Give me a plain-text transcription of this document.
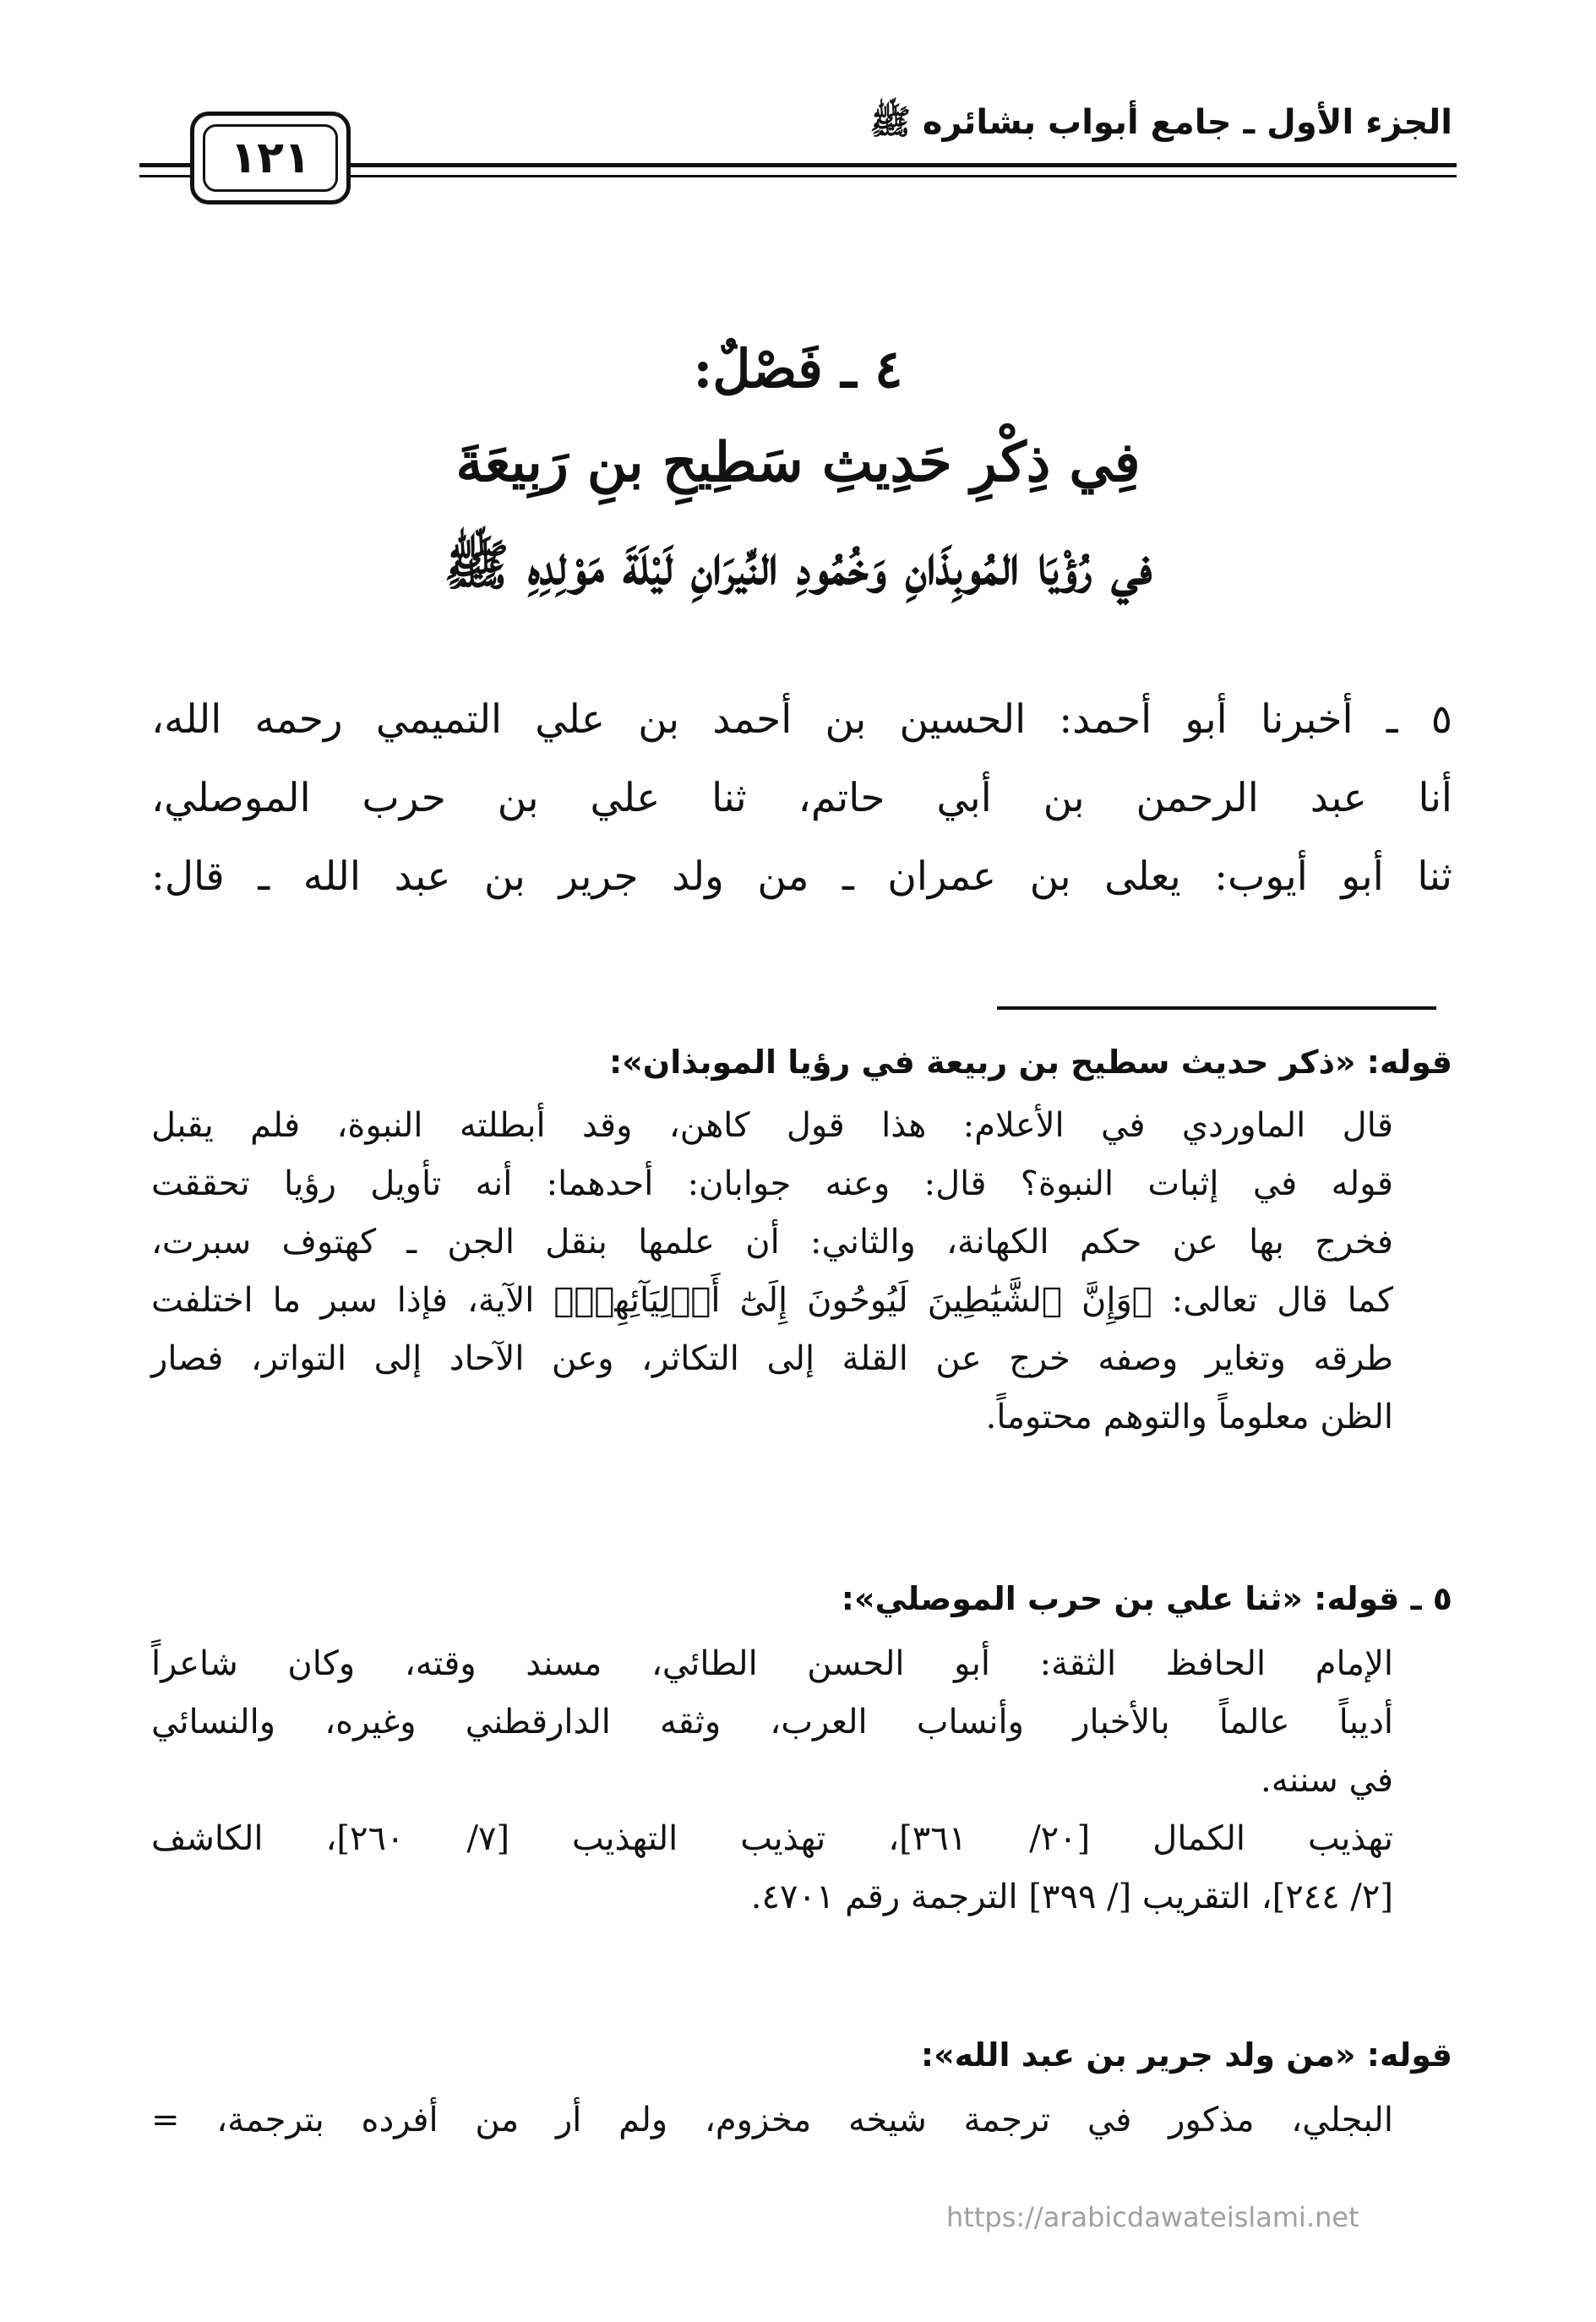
الجزء الأول ـ جامع أبواب بشائره ﷺ
١٢١
٤ ـ فَصْلٌ:
فِي ذِكْرِ حَدِيثِ سَطِيحِ بنِ رَبِيعَةَ
في رُؤْيَا المُوبِذَانِ وَخُمُودِ النِّيرَانِ لَيْلَةَ مَوْلِدِهِ ﷺ
٥ ـ أخبرنا أبو أحمد: الحسين بن أحمد بن علي التميمي رحمه الله،
أنا عبد الرحمن بن أبي حاتم، ثنا علي بن حرب الموصلي،
ثنا أبو أيوب: يعلى بن عمران ـ من ولد جرير بن عبد الله ـ قال:
قوله: «ذكر حديث سطيح بن ربيعة في رؤيا الموبذان»:
قال الماوردي في الأعلام: هذا قول كاهن، وقد أبطلته النبوة، فلم يقبل
قوله في إثبات النبوة؟ قال: وعنه جوابان: أحدهما: أنه تأويل رؤيا تحققت
فخرج بها عن حكم الكهانة، والثاني: أن علمها بنقل الجن ـ كهتوف سبرت،
كما قال تعالى: ﴿وَإِنَّ ٱلشَّيَٰطِينَ لَيُوحُونَ إِلَىٰٓ أَوۡلِيَآئِهِمۡ﴾ الآية، فإذا سبر ما اختلفت
طرقه وتغاير وصفه خرج عن القلة إلى التكاثر، وعن الآحاد إلى التواتر، فصار
الظن معلوماً والتوهم محتوماً.
٥ ـ قوله: «ثنا علي بن حرب الموصلي»:
الإمام الحافظ الثقة: أبو الحسن الطائي، مسند وقته، وكان شاعراً
أديباً عالماً بالأخبار وأنساب العرب، وثقه الدارقطني وغيره، والنسائي
في سننه.
تهذيب الكمال [٢٠/ ٣٦١]، تهذيب التهذيب [٧/ ٢٦٠]، الكاشف
[٢/ ٢٤٤]، التقريب [/ ٣٩٩] الترجمة رقم ٤٧٠١.
قوله: «من ولد جرير بن عبد الله»:
البجلي، مذكور في ترجمة شيخه مخزوم، ولم أر من أفرده بترجمة، =
https://arabicdawateislami.net
